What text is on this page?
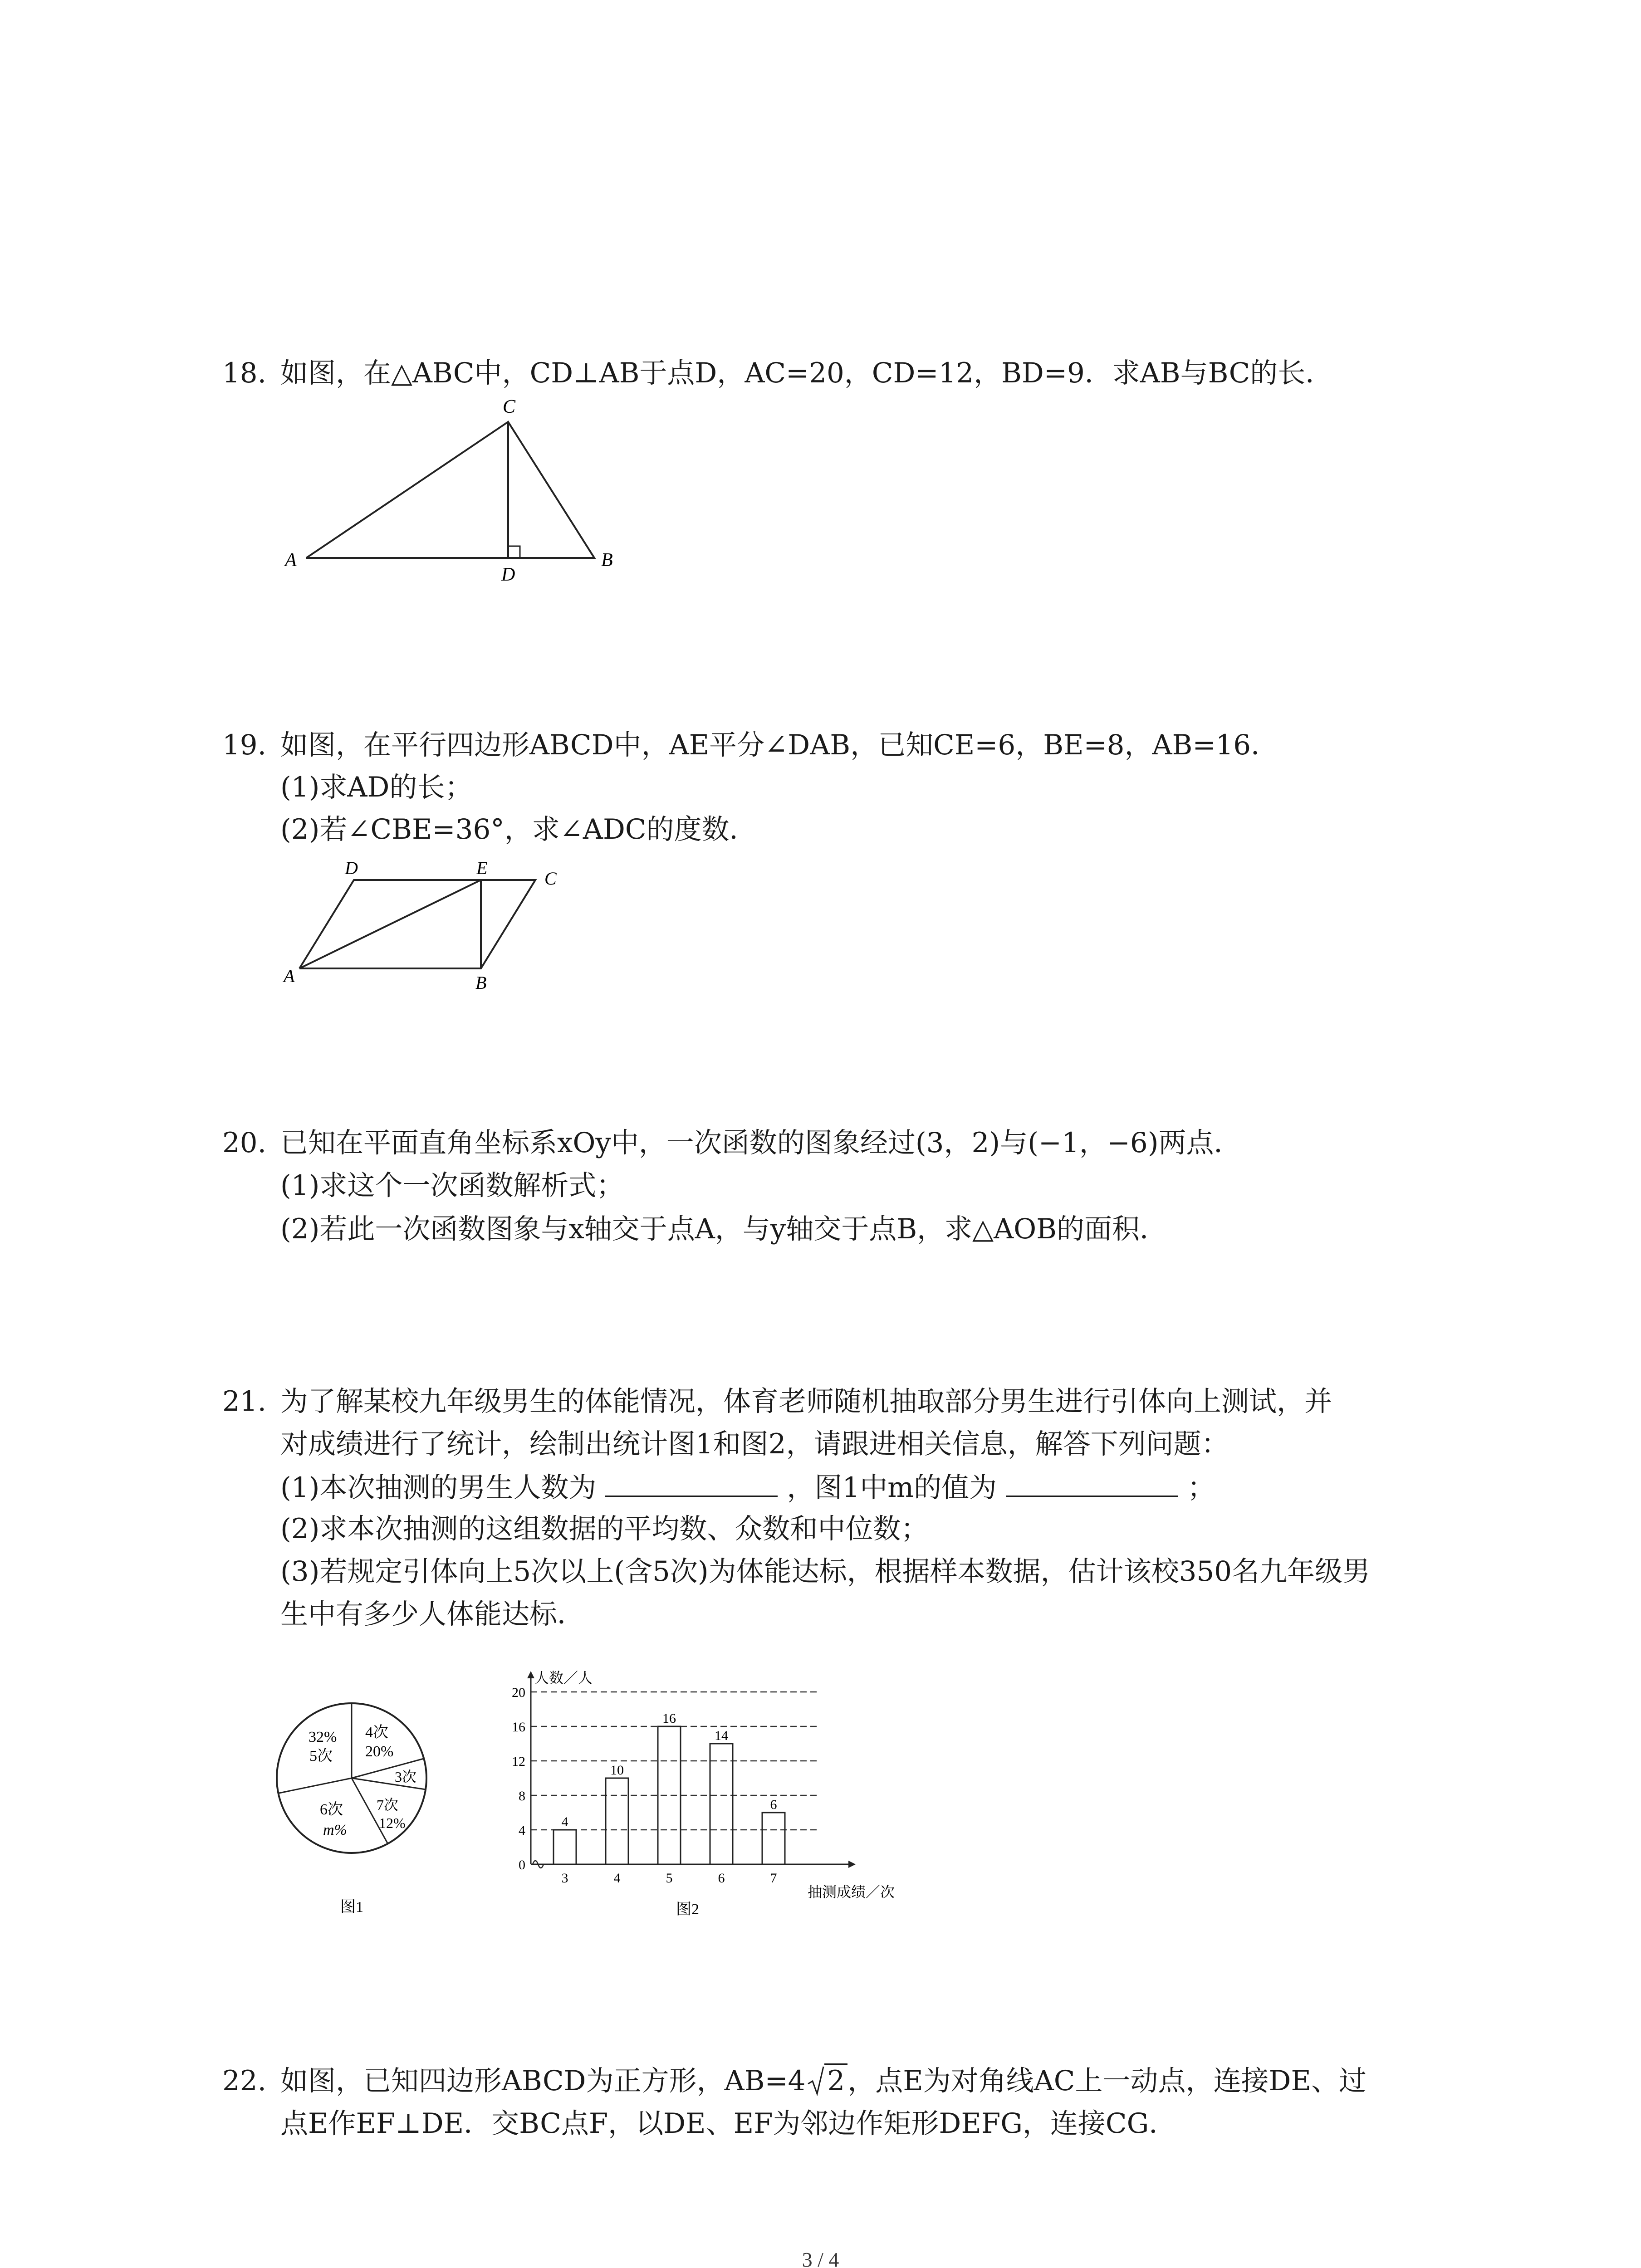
18. 如图，在△ABC中，CD⊥AB于点D，AC=20，CD=12，BD=9．求AB与BC的长．
A	B
C
D
19. 如图，在平行四边形ABCD中，AE平分∠DAB，已知CE=6，BE=8，AB=16．
(1)求AD的长；
(2)若∠CBE=36°，求∠ADC的度数．
A	B
C
D	E
20. 已知在平面直角坐标系xOy中，一次函数的图象经过(3，2)与(−1，−6)两点．
(1)求这个一次函数解析式；
(2)若此一次函数图象与x轴交于点A，与y轴交于点B，求△AOB的面积．
21. 为了解某校九年级男生的体能情况，体育老师随机抽取部分男生进行引体向上测试，并
对成绩进行了统计，绘制出统计图1和图2，请跟进相关信息，解答下列问题：
(1)本次抽测的男生人数为	，图1中m的值为	；
(2)求本次抽测的这组数据的平均数、众数和中位数；
(3)若规定引体向上5次以上(含5次)为体能达标，根据样本数据，估计该校350名九年级男
生中有多少人体能达标．
32%
5次
4次
20%
3次
7次
12%
6次
m%
图1
4
10
16
14
6
0
4
8
12
16
20
3	4	5	6	7
人数／人
抽测成绩／次
图2
22. 如图，已知四边形ABCD为正方形，AB=4 2，点E为对角线AC上一动点，连接DE、过
点E作EF⊥DE．交BC点F，以DE、EF为邻边作矩形DEFG，连接CG．
3 / 4
